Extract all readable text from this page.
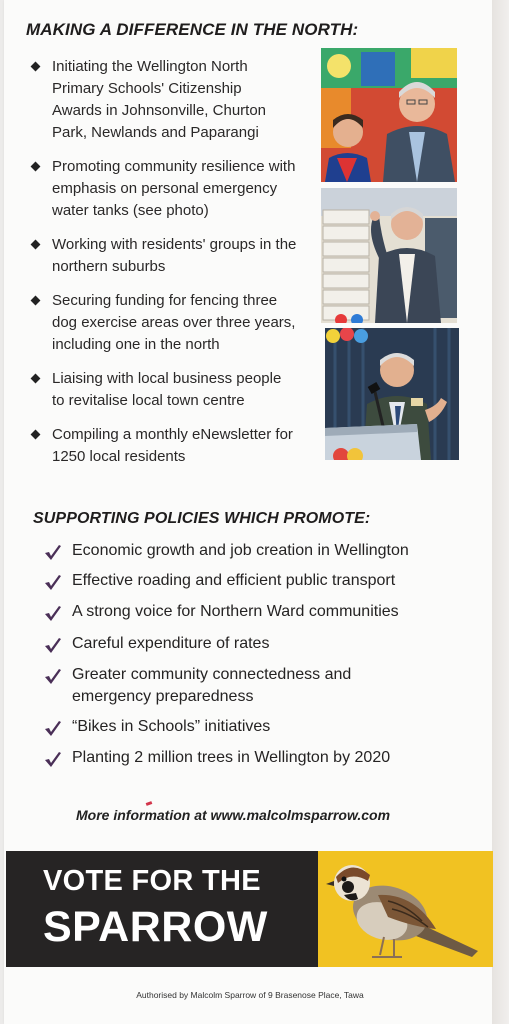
MAKING A DIFFERENCE IN THE NORTH:
Initiating the Wellington North
Primary Schools' Citizenship
Awards in Johnsonville, Churton
Park, Newlands and Paparangi
Promoting community resilience with
emphasis on personal emergency
water tanks (see photo)
Working with residents' groups in the
northern suburbs
Securing funding for fencing three
dog exercise areas over three years,
including one in the north
Liaising with local business people
to revitalise local town centre
Compiling a monthly eNewsletter for
1250 local residents
SUPPORTING POLICIES WHICH PROMOTE:
Economic growth and job creation in Wellington
Effective roading and efficient public transport
A strong voice for Northern Ward communities
Careful expenditure of rates
Greater community connectedness and
emergency preparedness
“Bikes in Schools” initiatives
Planting 2 million trees in Wellington by 2020
More information at www.malcolmsparrow.com
VOTE FOR THE
SPARROW
Authorised by Malcolm Sparrow of 9 Brasenose Place, Tawa
